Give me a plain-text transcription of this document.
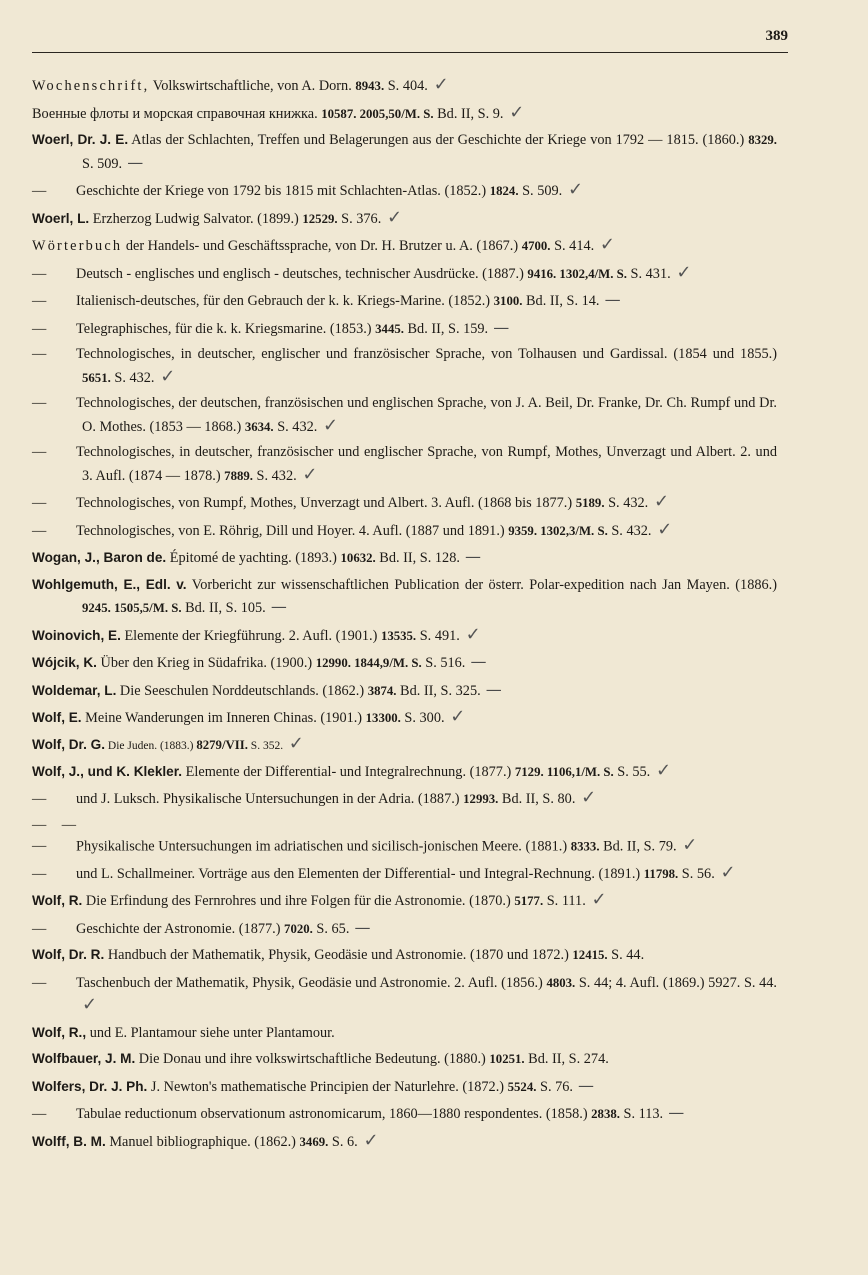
389

Wochenschrift, Volkswirtschaftliche, von A. Dorn. 8943. S. 404. ✓

Военные флоты и морская справочная книжка. 10587. 2005,50/M. S. Bd. II, S. 9. ✓

Woerl, Dr. J. E. Atlas der Schlachten, Treffen und Belagerungen aus der Geschichte der Kriege von 1792 — 1815. (1860.) 8329. S. 509. —

— Geschichte der Kriege von 1792 bis 1815 mit Schlachten-Atlas. (1852.) 1824. S. 509. ✓

Woerl, L. Erzherzog Ludwig Salvator. (1899.) 12529. S. 376. ✓

Wörterbuch der Handels- und Geschäftssprache, von Dr. H. Brutzer u. A. (1867.) 4700. S. 414. ✓

— Deutsch - englisches und englisch - deutsches, technischer Ausdrücke. (1887.) 9416. 1302,4/M. S. S. 431. ✓

— Italienisch-deutsches, für den Gebrauch der k. k. Kriegs-Marine. (1852.) 3100. Bd. II, S. 14. —

— Telegraphisches, für die k. k. Kriegsmarine. (1853.) 3445. Bd. II, S. 159. —

— Technologisches, in deutscher, englischer und französischer Sprache, von Tolhausen und Gardissal. (1854 und 1855.) 5651. S. 432. ✓

— Technologisches, der deutschen, französischen und englischen Sprache, von J. A. Beil, Dr. Franke, Dr. Ch. Rumpf und Dr. O. Mothes. (1853 — 1868.) 3634. S. 432. ✓

— Technologisches, in deutscher, französischer und englischer Sprache, von Rumpf, Mothes, Unverzagt und Albert. 2. und 3. Aufl. (1874 — 1878.) 7889. S. 432. ✓

— Technologisches, von Rumpf, Mothes, Unverzagt und Albert. 3. Aufl. (1868 bis 1877.) 5189. S. 432. ✓

— Technologisches, von E. Röhrig, Dill und Hoyer. 4. Aufl. (1887 und 1891.) 9359. 1302,3/M. S. S. 432. ✓

Wogan, J., Baron de. Épitomé de yachting. (1893.) 10632. Bd. II, S. 128. —

Wohlgemuth, E., Edl. v. Vorbericht zur wissenschaftlichen Publication der österr. Polar-expedition nach Jan Mayen. (1886.) 9245. 1505,5/M. S. Bd. II, S. 105. —

Woinovich, E. Elemente der Kriegführung. 2. Aufl. (1901.) 13535. S. 491. ✓

Wójcik, K. Über den Krieg in Südafrika. (1900.) 12990. 1844,9/M. S. S. 516. —

Woldemar, L. Die Seeschulen Norddeutschlands. (1862.) 3874. Bd. II, S. 325. —

Wolf, E. Meine Wanderungen im Inneren Chinas. (1901.) 13300. S. 300. ✓

Wolf, Dr. G. Die Juden. (1883.) 8279/VII. S. 352. ✓

Wolf, J., und K. Klekler. Elemente der Differential- und Integralrechnung. (1877.) 7129. 1106,1/M. S. S. 55. ✓

— und J. Luksch. Physikalische Untersuchungen in der Adria. (1887.) 12993. Bd. II, S. 80. ✓

— — — Physikalische Untersuchungen im adriatischen und sicilisch-jonischen Meere. (1881.) 8333. Bd. II, S. 79. ✓

— und L. Schallmeiner. Vorträge aus den Elementen der Differential- und Integral-Rechnung. (1891.) 11798. S. 56. ✓

Wolf, R. Die Erfindung des Fernrohres und ihre Folgen für die Astronomie. (1870.) 5177. S. 111. ✓

— Geschichte der Astronomie. (1877.) 7020. S. 65. —

Wolf, Dr. R. Handbuch der Mathematik, Physik, Geodäsie und Astronomie. (1870 und 1872.) 12415. S. 44.

— Taschenbuch der Mathematik, Physik, Geodäsie und Astronomie. 2. Aufl. (1856.) 4803. S. 44; 4. Aufl. (1869.) 5927. S. 44. ✓

Wolf, R., und E. Plantamour siehe unter Plantamour.

Wolfbauer, J. M. Die Donau und ihre volkswirtschaftliche Bedeutung. (1880.) 10251. Bd. II, S. 274.

Wolfers, Dr. J. Ph. J. Newton's mathematische Principien der Naturlehre. (1872.) 5524. S. 76. —

— Tabulae reductionum observationum astronomicarum, 1860—1880 respondentes. (1858.) 2838. S. 113. —

Wolff, B. M. Manuel bibliographique. (1862.) 3469. S. 6. ✓
